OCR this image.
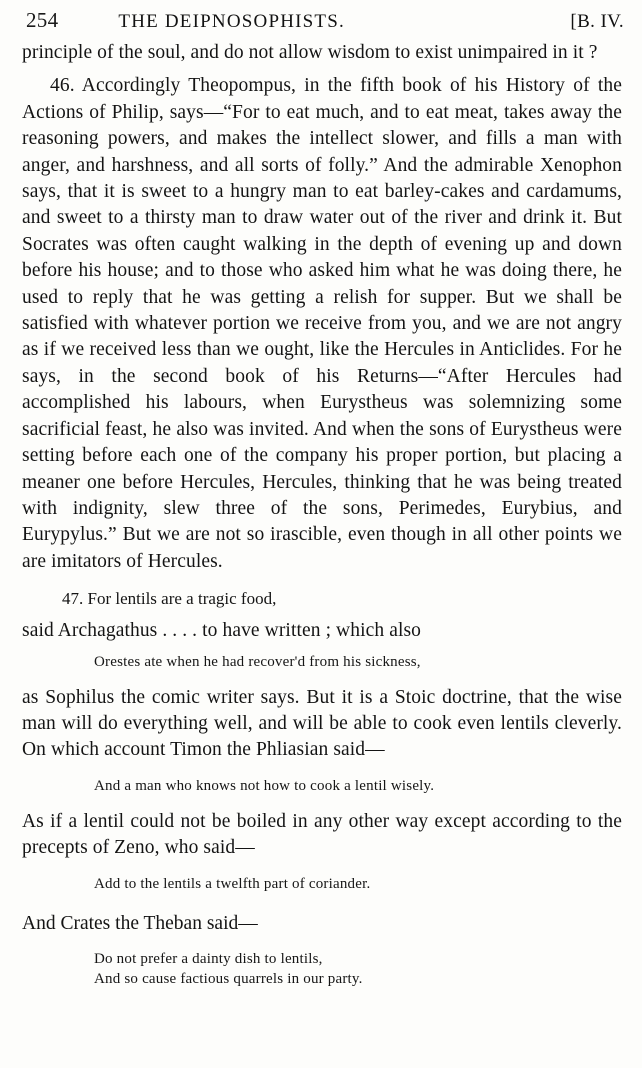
254	THE DEIPNOSOPHISTS.	[B. IV.

principle of the soul, and do not allow wisdom to exist unimpaired in it ?

46. Accordingly Theopompus, in the fifth book of his History of the Actions of Philip, says—“For to eat much, and to eat meat, takes away the reasoning powers, and makes the intellect slower, and fills a man with anger, and harshness, and all sorts of folly.” And the admirable Xenophon says, that it is sweet to a hungry man to eat barley-cakes and cardamums, and sweet to a thirsty man to draw water out of the river and drink it. But Socrates was often caught walking in the depth of evening up and down before his house; and to those who asked him what he was doing there, he used to reply that he was getting a relish for supper. But we shall be satisfied with whatever portion we receive from you, and we are not angry as if we received less than we ought, like the Hercules in Anticlides. For he says, in the second book of his Returns—“After Hercules had accomplished his labours, when Eurystheus was solemnizing some sacrificial feast, he also was invited. And when the sons of Eurystheus were setting before each one of the company his proper portion, but placing a meaner one before Hercules, Hercules, thinking that he was being treated with indignity, slew three of the sons, Perimedes, Eurybius, and Eurypylus.” But we are not so irascible, even though in all other points we are imitators of Hercules.

47. For lentils are a tragic food,

said Archagathus . . . . to have written ; which also

Orestes ate when he had recover'd from his sickness,

as Sophilus the comic writer says. But it is a Stoic doctrine, that the wise man will do everything well, and will be able to cook even lentils cleverly. On which account Timon the Phliasian said—

And a man who knows not how to cook a lentil wisely.

As if a lentil could not be boiled in any other way except according to the precepts of Zeno, who said—

Add to the lentils a twelfth part of coriander.

And Crates the Theban said—

Do not prefer a dainty dish to lentils,

And so cause factious quarrels in our party.
